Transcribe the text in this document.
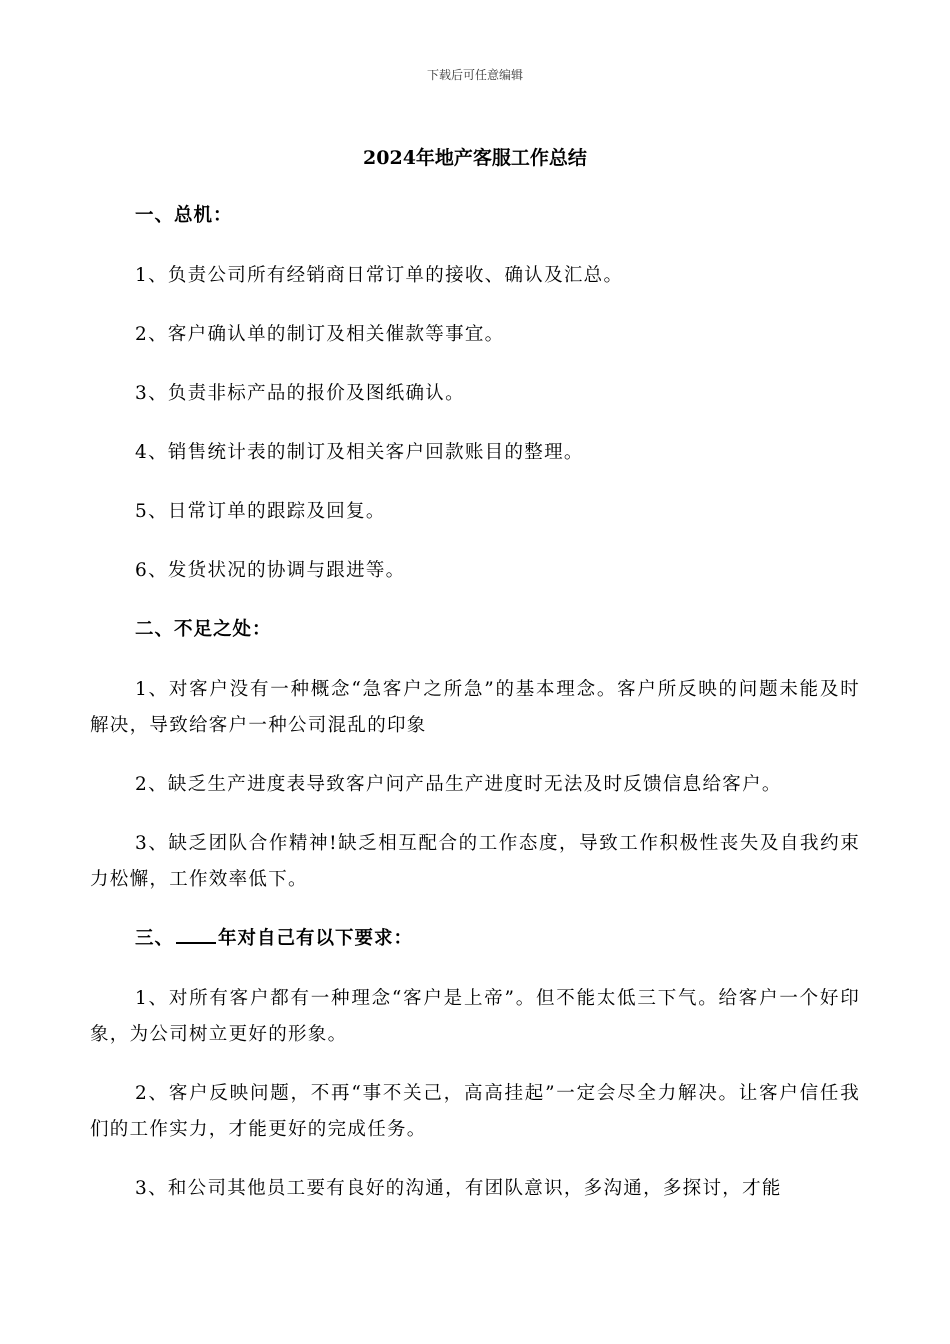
下载后可任意编辑
2024年地产客服工作总结
一、总机：

1、负责公司所有经销商日常订单的接收、确认及汇总。

2、客户确认单的制订及相关催款等事宜。

3、负责非标产品的报价及图纸确认。

4、销售统计表的制订及相关客户回款账目的整理。

5、日常订单的跟踪及回复。

6、发货状况的协调与跟进等。

二、不足之处：

1、对客户没有一种概念“急客户之所急”的基本理念。客户所反映的问题未能及时解决，导致给客户一种公司混乱的印象

2、缺乏生产进度表导致客户问产品生产进度时无法及时反馈信息给客户。

3、缺乏团队合作精神!缺乏相互配合的工作态度，导致工作积极性丧失及自我约束力松懈，工作效率低下。

三、 年对自己有以下要求：

1、对所有客户都有一种理念“客户是上帝”。但不能太低三下气。给客户一个好印象，为公司树立更好的形象。

2、客户反映问题，不再“事不关己，高高挂起”一定会尽全力解决。让客户信任我们的工作实力，才能更好的完成任务。

3、和公司其他员工要有良好的沟通，有团队意识，多沟通，多探讨，才能
